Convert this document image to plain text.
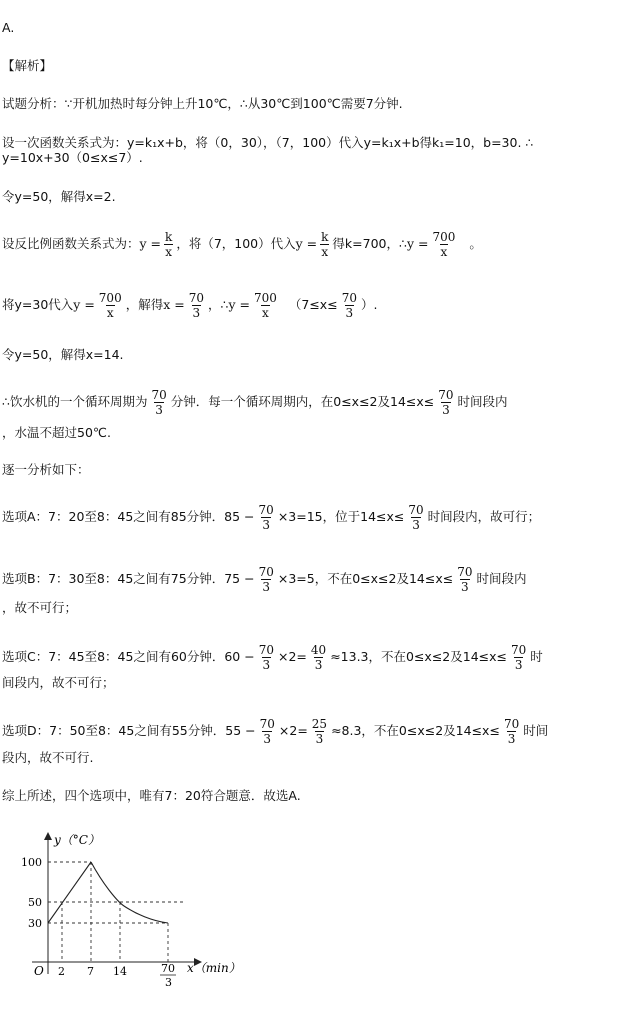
A.
【解析】
试题分析：∵开机加热时每分钟上升10℃，∴从30℃到100℃需要7分钟.
设一次函数关系式为：y=k₁x+b，将（0，30），（7，100）代入y=k₁x+b得k₁=10，b=30. ∴
y=10x+30（0≤x≤7）.
令y=50，解得x=2.
设反比例函数关系式为： $y = \frac{k}{x}$ ，将（7，100）代入 $y = \frac{k}{x}$ 得k=700，∴ $y = \frac{700}{x}$ 。
将y=30代入 $y = \frac{700}{x}$ ，解得 $x = \frac{70}{3}$ ，∴ $y = \frac{700}{x} (7\le x\le \frac{70}{3}$ ）.
令y=50，解得x=14.
∴饮水机的一个循环周期为 $\frac{70}{3}$ 分钟．每一个循环周期内，在0≤x≤2及$14\le x\le \frac{70}{3}$ 时间段内
，水温不超过50℃.
逐一分析如下：
选项A：7：20至8：45之间有85分钟．$85 - \frac{70}{3} \times 3=15$，位于$14\le x\le \frac{70}{3}$ 时间段内，故可行；
选项B：7：30至8：45之间有75分钟．$75 - \frac{70}{3} \times 3=5$，不在0≤x≤2及$14\le x\le \frac{70}{3}$ 时间段内
，故不可行；
选项C：7：45至8：45之间有60分钟．$60 - \frac{70}{3} \times 2= \frac{40}{3} \approx 13.3$，不在0≤x≤2及$14\le x\le \frac{70}{3}$ 时
间段内，故不可行；
选项D：7：50至8：45之间有55分钟．$55 - \frac{70}{3} \times 2= \frac{25}{3} \approx 8.3$，不在0≤x≤2及$14\le x\le \frac{70}{3}$ 时间
段内，故不可行.
综上所述，四个选项中，唯有7：20符合题意．故选A.
y（°C）
100
50
30
O 2 7 14	70
3
x（min）
